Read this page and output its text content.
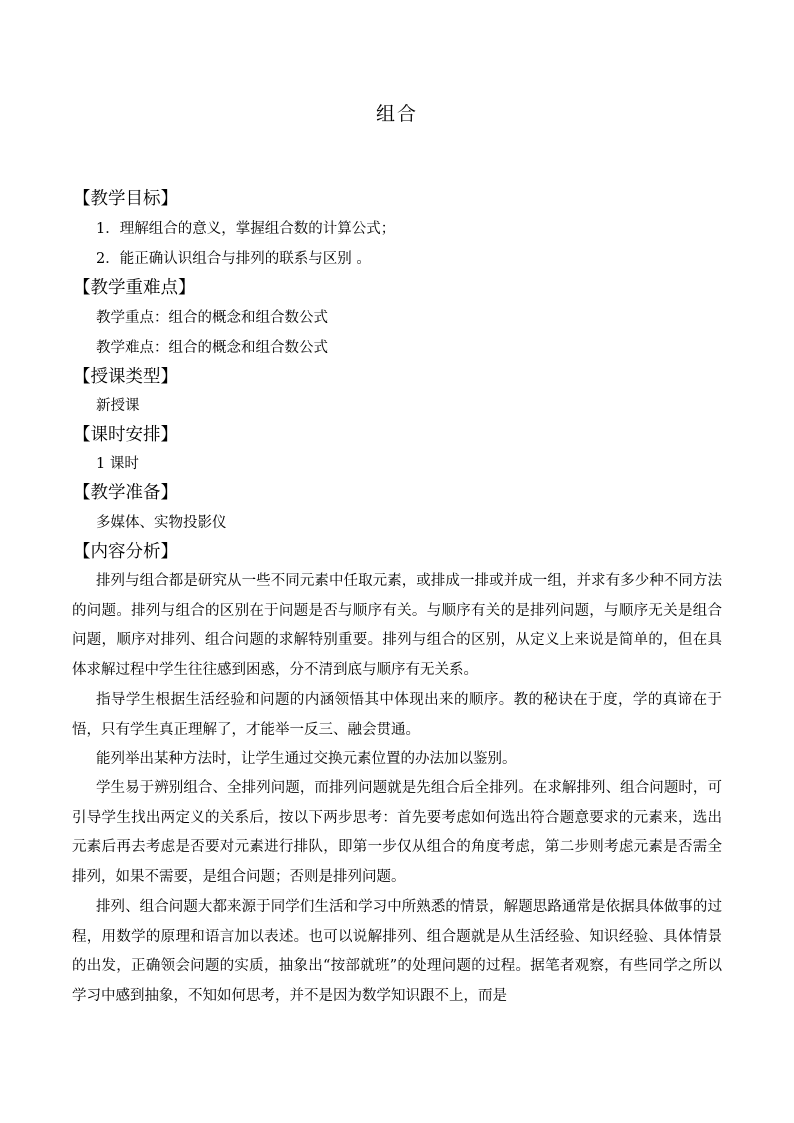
组合
【教学目标】
1．理解组合的意义，掌握组合数的计算公式；
2．能正确认识组合与排列的联系与区别 。
【教学重难点】
教学重点：组合的概念和组合数公式
教学难点：组合的概念和组合数公式
【授课类型】
新授课
【课时安排】
1 课时
【教学准备】
多媒体、实物投影仪
【内容分析】
排列与组合都是研究从一些不同元素中任取元素，或排成一排或并成一组，并求有多少种不同方法的问题。排列与组合的区别在于问题是否与顺序有关。与顺序有关的是排列问题，与顺序无关是组合问题，顺序对排列、组合问题的求解特别重要。排列与组合的区别，从定义上来说是简单的，但在具体求解过程中学生往往感到困惑，分不清到底与顺序有无关系。
指导学生根据生活经验和问题的内涵领悟其中体现出来的顺序。教的秘诀在于度，学的真谛在于悟，只有学生真正理解了，才能举一反三、融会贯通。
能列举出某种方法时，让学生通过交换元素位置的办法加以鉴别。
学生易于辨别组合、全排列问题，而排列问题就是先组合后全排列。在求解排列、组合问题时，可引导学生找出两定义的关系后，按以下两步思考：首先要考虑如何选出符合题意要求的元素来，选出元素后再去考虑是否要对元素进行排队，即第一步仅从组合的角度考虑，第二步则考虑元素是否需全排列，如果不需要，是组合问题；否则是排列问题。
排列、组合问题大都来源于同学们生活和学习中所熟悉的情景，解题思路通常是依据具体做事的过程，用数学的原理和语言加以表述。也可以说解排列、组合题就是从生活经验、知识经验、具体情景的出发，正确领会问题的实质，抽象出“按部就班”的处理问题的过程。据笔者观察，有些同学之所以学习中感到抽象，不知如何思考，并不是因为数学知识跟不上，而是
